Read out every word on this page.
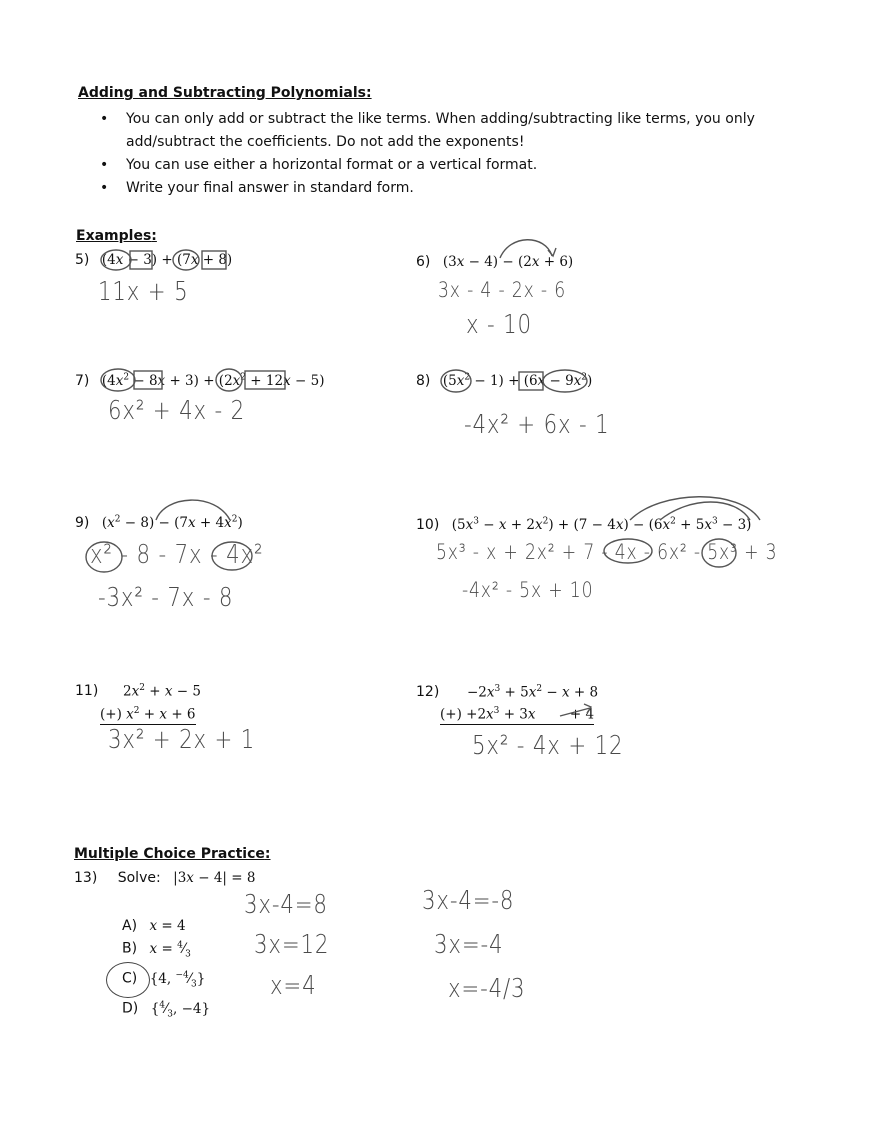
Adding and Subtracting Polynomials:
• You can only add or subtract the like terms. When adding/subtracting like terms, you only add/subtract the coefficients. Do not add the exponents!
• You can use either a horizontal format or a vertical format.
• Write your final answer in standard form.
Examples:
5) (4x − 3) + (7x + 8)
11x + 5
6) (3x − 4) − (2x + 6)
3x - 4 - 2x - 6
x - 10
7) $(4x^2 - 8x + 3) + (2x^2 + 12x - 5)$
6x² + 4x - 2
8) $(5x^2 - 1) + (6x - 9x^2)$
-4x² + 6x - 1
9) $(x^2 - 8) - (7x + 4x^2)$
x² - 8 - 7x - 4x²
-3x² - 7x - 8
10) $(5x^3 - x + 2x^2) + (7 - 4x) - (6x^2 + 5x^3 - 3)$
5x³ - x + 2x² + 7 - 4x - 6x² - 5x³ + 3
-4x² - 5x + 10
11)	$2x^2 + x - 5$
(+) $x^2 + x + 6$
3x² + 2x + 1
12)	$-2x^3 + 5x^2 - x + 8$
(+) $+2x^3 + 3x$        + 4
5x² - 4x + 12
Multiple Choice Practice:
13) Solve: |3x − 4| = 8
A) x = 4
B) $x = ^4⁄_3$
C) {4, $^{-4}⁄_3$}
D) {$^4⁄_3$, −4}
3x-4=8
3x=12
x=4
3x-4=-8
3x=-4
x=-4/3
